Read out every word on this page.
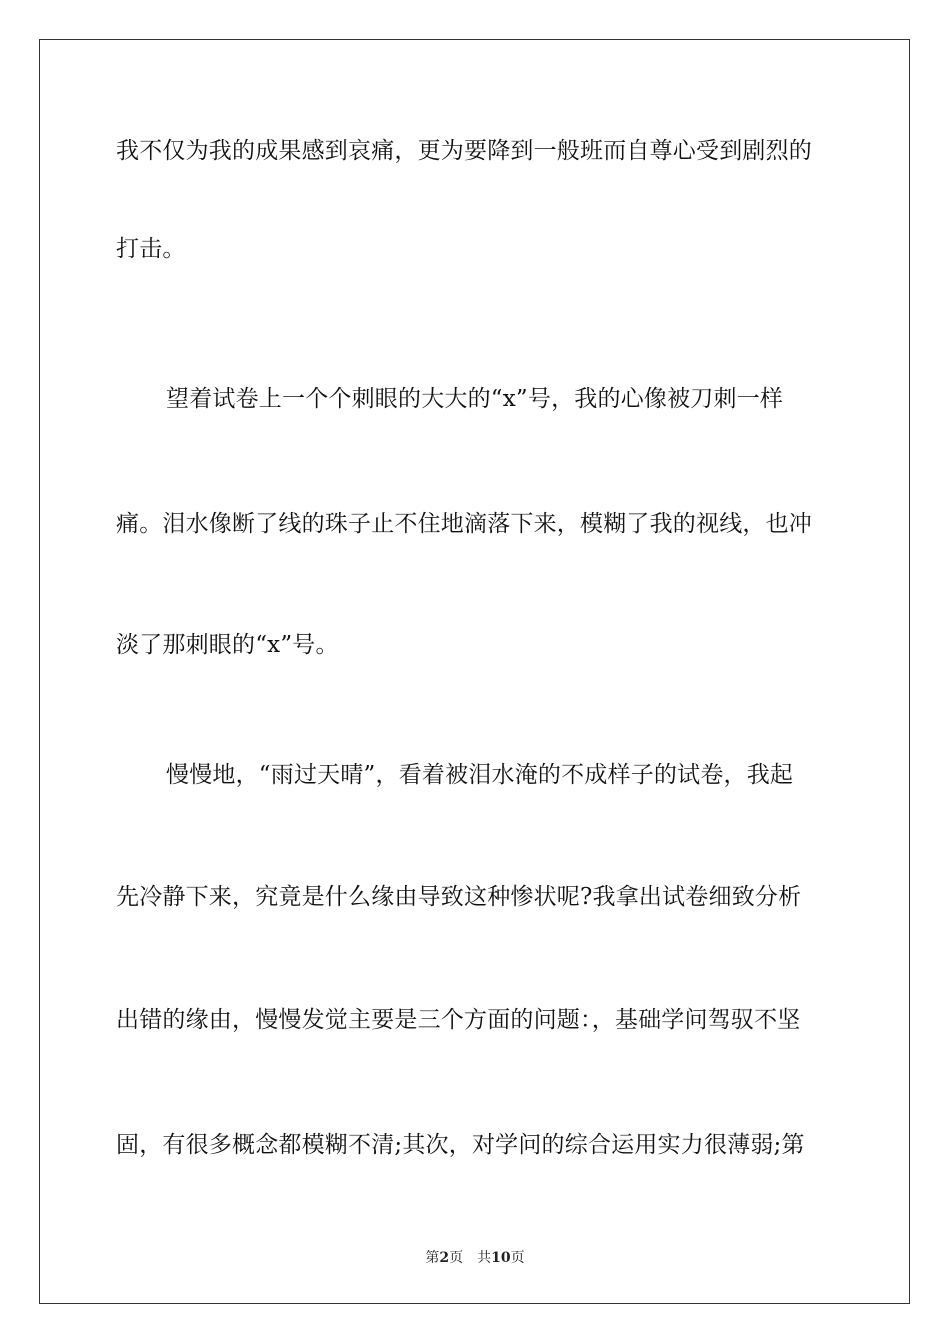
我不仅为我的成果感到哀痛，更为要降到一般班而自尊心受到剧烈的
打击。
望着试卷上一个个刺眼的大大的“x”号，我的心像被刀刺一样
痛。泪水像断了线的珠子止不住地滴落下来，模糊了我的视线，也冲
淡了那刺眼的“x”号。
慢慢地，“雨过天晴”，看着被泪水淹的不成样子的试卷，我起
先冷静下来，究竟是什么缘由导致这种惨状呢?我拿出试卷细致分析
出错的缘由，慢慢发觉主要是三个方面的问题：，基础学问驾驭不坚
固，有很多概念都模糊不清;其次，对学问的综合运用实力很薄弱;第
第2页 共10页
